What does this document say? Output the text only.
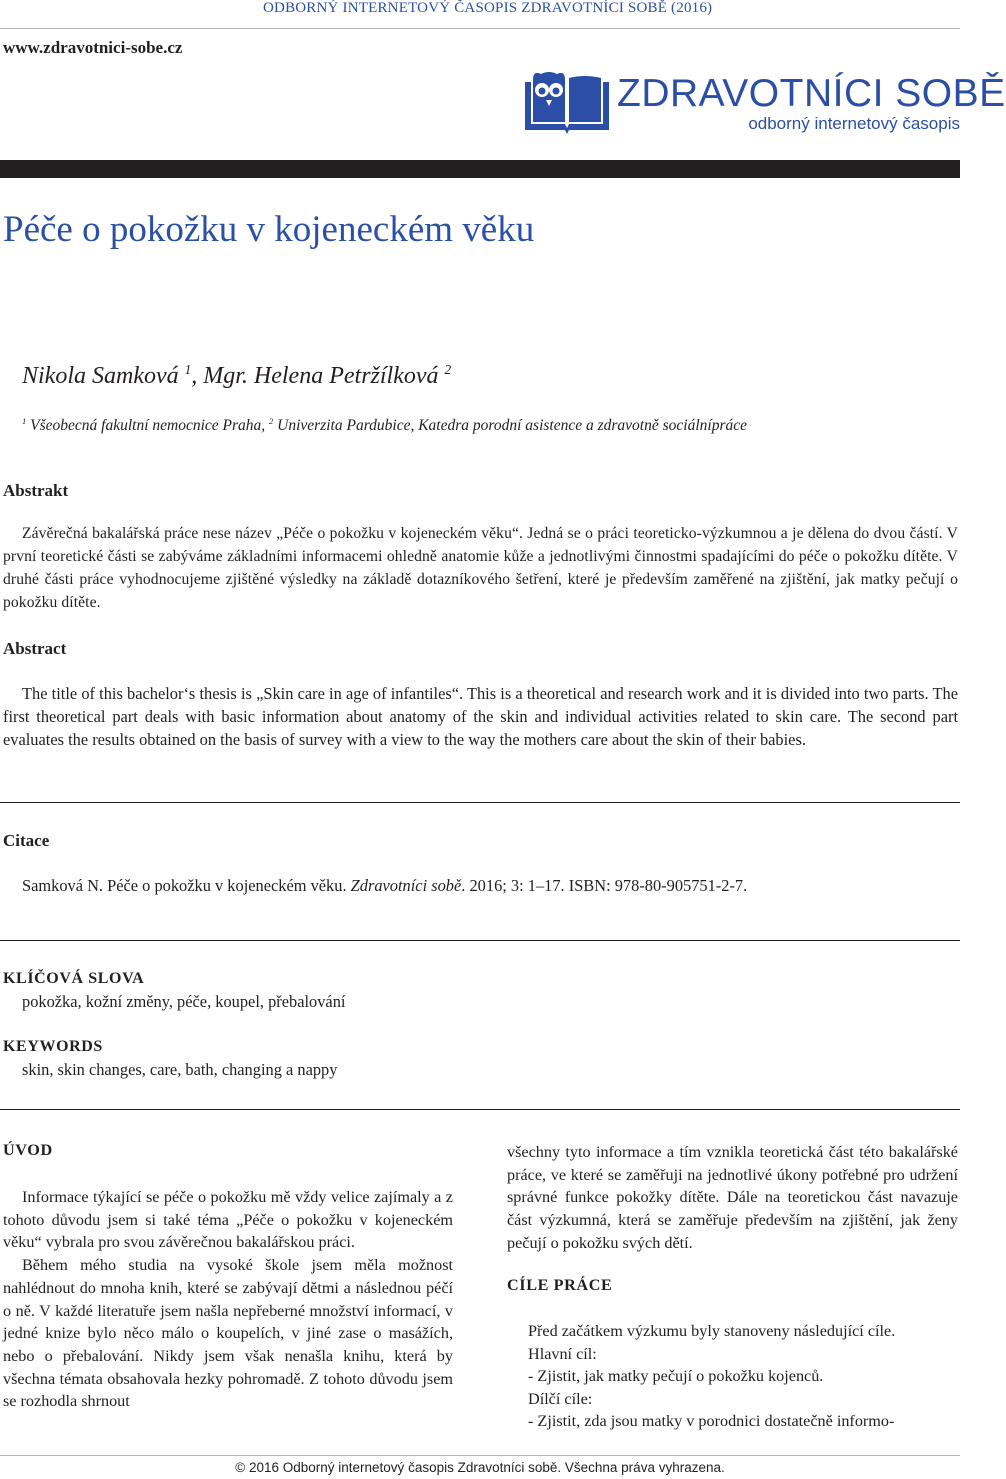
ODBORNÝ INTERNETOVÝ ČASOPIS ZDRAVOTNÍCI SOBĚ (2016)
www.zdravotnici-sobe.cz
ZDRAVOTNÍCI SOBĚ
odborný internetový časopis
Péče o pokožku v kojeneckém věku
Nikola Samková $^1$, Mgr. Helena Petržílková $^2$
$^1$ Všeobecná fakultní nemocnice Praha, $^2$ Univerzita Pardubice, Katedra porodní asistence a zdravotně sociálnípráce
Abstrakt

Závěrečná bakalářská práce nese název „Péče o pokožku v kojeneckém věku“. Jedná se o práci teoreticko-výzkumnou a je dělena do dvou částí. V první teoretické části se zabýváme základními informacemi ohledně anatomie kůže a jednotlivými činnostmi spadajícími do péče o pokožku dítěte. V druhé části práce vyhodnocujeme zjištěné výsledky na základě dotazníkového šetření, které je především zaměřené na zjištění, jak matky pečují o pokožku dítěte.

Abstract

The title of this bachelor‘s thesis is „Skin care in age of infantiles“. This is a theoretical and research work and it is divided into two parts. The first theoretical part deals with basic information about anatomy of the skin and individual activities related to skin care. The second part evaluates the results obtained on the basis of survey with a view to the way the mothers care about the skin of their babies.

Citace
Samková N. Péče o pokožku v kojeneckém věku. Zdravotníci sobě. 2016; 3: 1–17. ISBN: 978-80-905751-2-7.
KLÍČOVÁ SLOVA
pokožka, kožní změny, péče, koupel, přebalování
KEYWORDS
skin, skin changes, care, bath, changing a nappy
ÚVOD

Informace týkající se péče o pokožku mě vždy velice zajímaly a z tohoto důvodu jsem si také téma „Péče o pokožku v kojeneckém věku“ vybrala pro svou závěrečnou bakalářskou práci.

Během mého studia na vysoké škole jsem měla možnost nahlédnout do mnoha knih, které se zabývají dětmi a následnou péčí o ně. V každé literatuře jsem našla nepřeberné množství informací, v jedné knize bylo něco málo o koupelích, v jiné zase o masážích, nebo o přebalování. Nikdy jsem však nenašla knihu, která by všechna témata obsahovala hezky pohromadě. Z tohoto důvodu jsem se rozhodla shrnout

všechny tyto informace a tím vznikla teoretická část této bakalářské práce, ve které se zaměřuji na jednotlivé úkony potřebné pro udržení správné funkce pokožky dítěte. Dále na teoretickou část navazuje část výzkumná, která se zaměřuje především na zjištění, jak ženy pečují o pokožku svých dětí.

CÍLE PRÁCE
Před začátkem výzkumu byly stanoveny následující cíle.
Hlavní cíl:
- Zjistit, jak matky pečují o pokožku kojenců.
Dílčí cíle:
- Zjistit, zda jsou matky v porodnici dostatečně informo-
© 2016 Odborný internetový časopis Zdravotníci sobě. Všechna práva vyhrazena.
